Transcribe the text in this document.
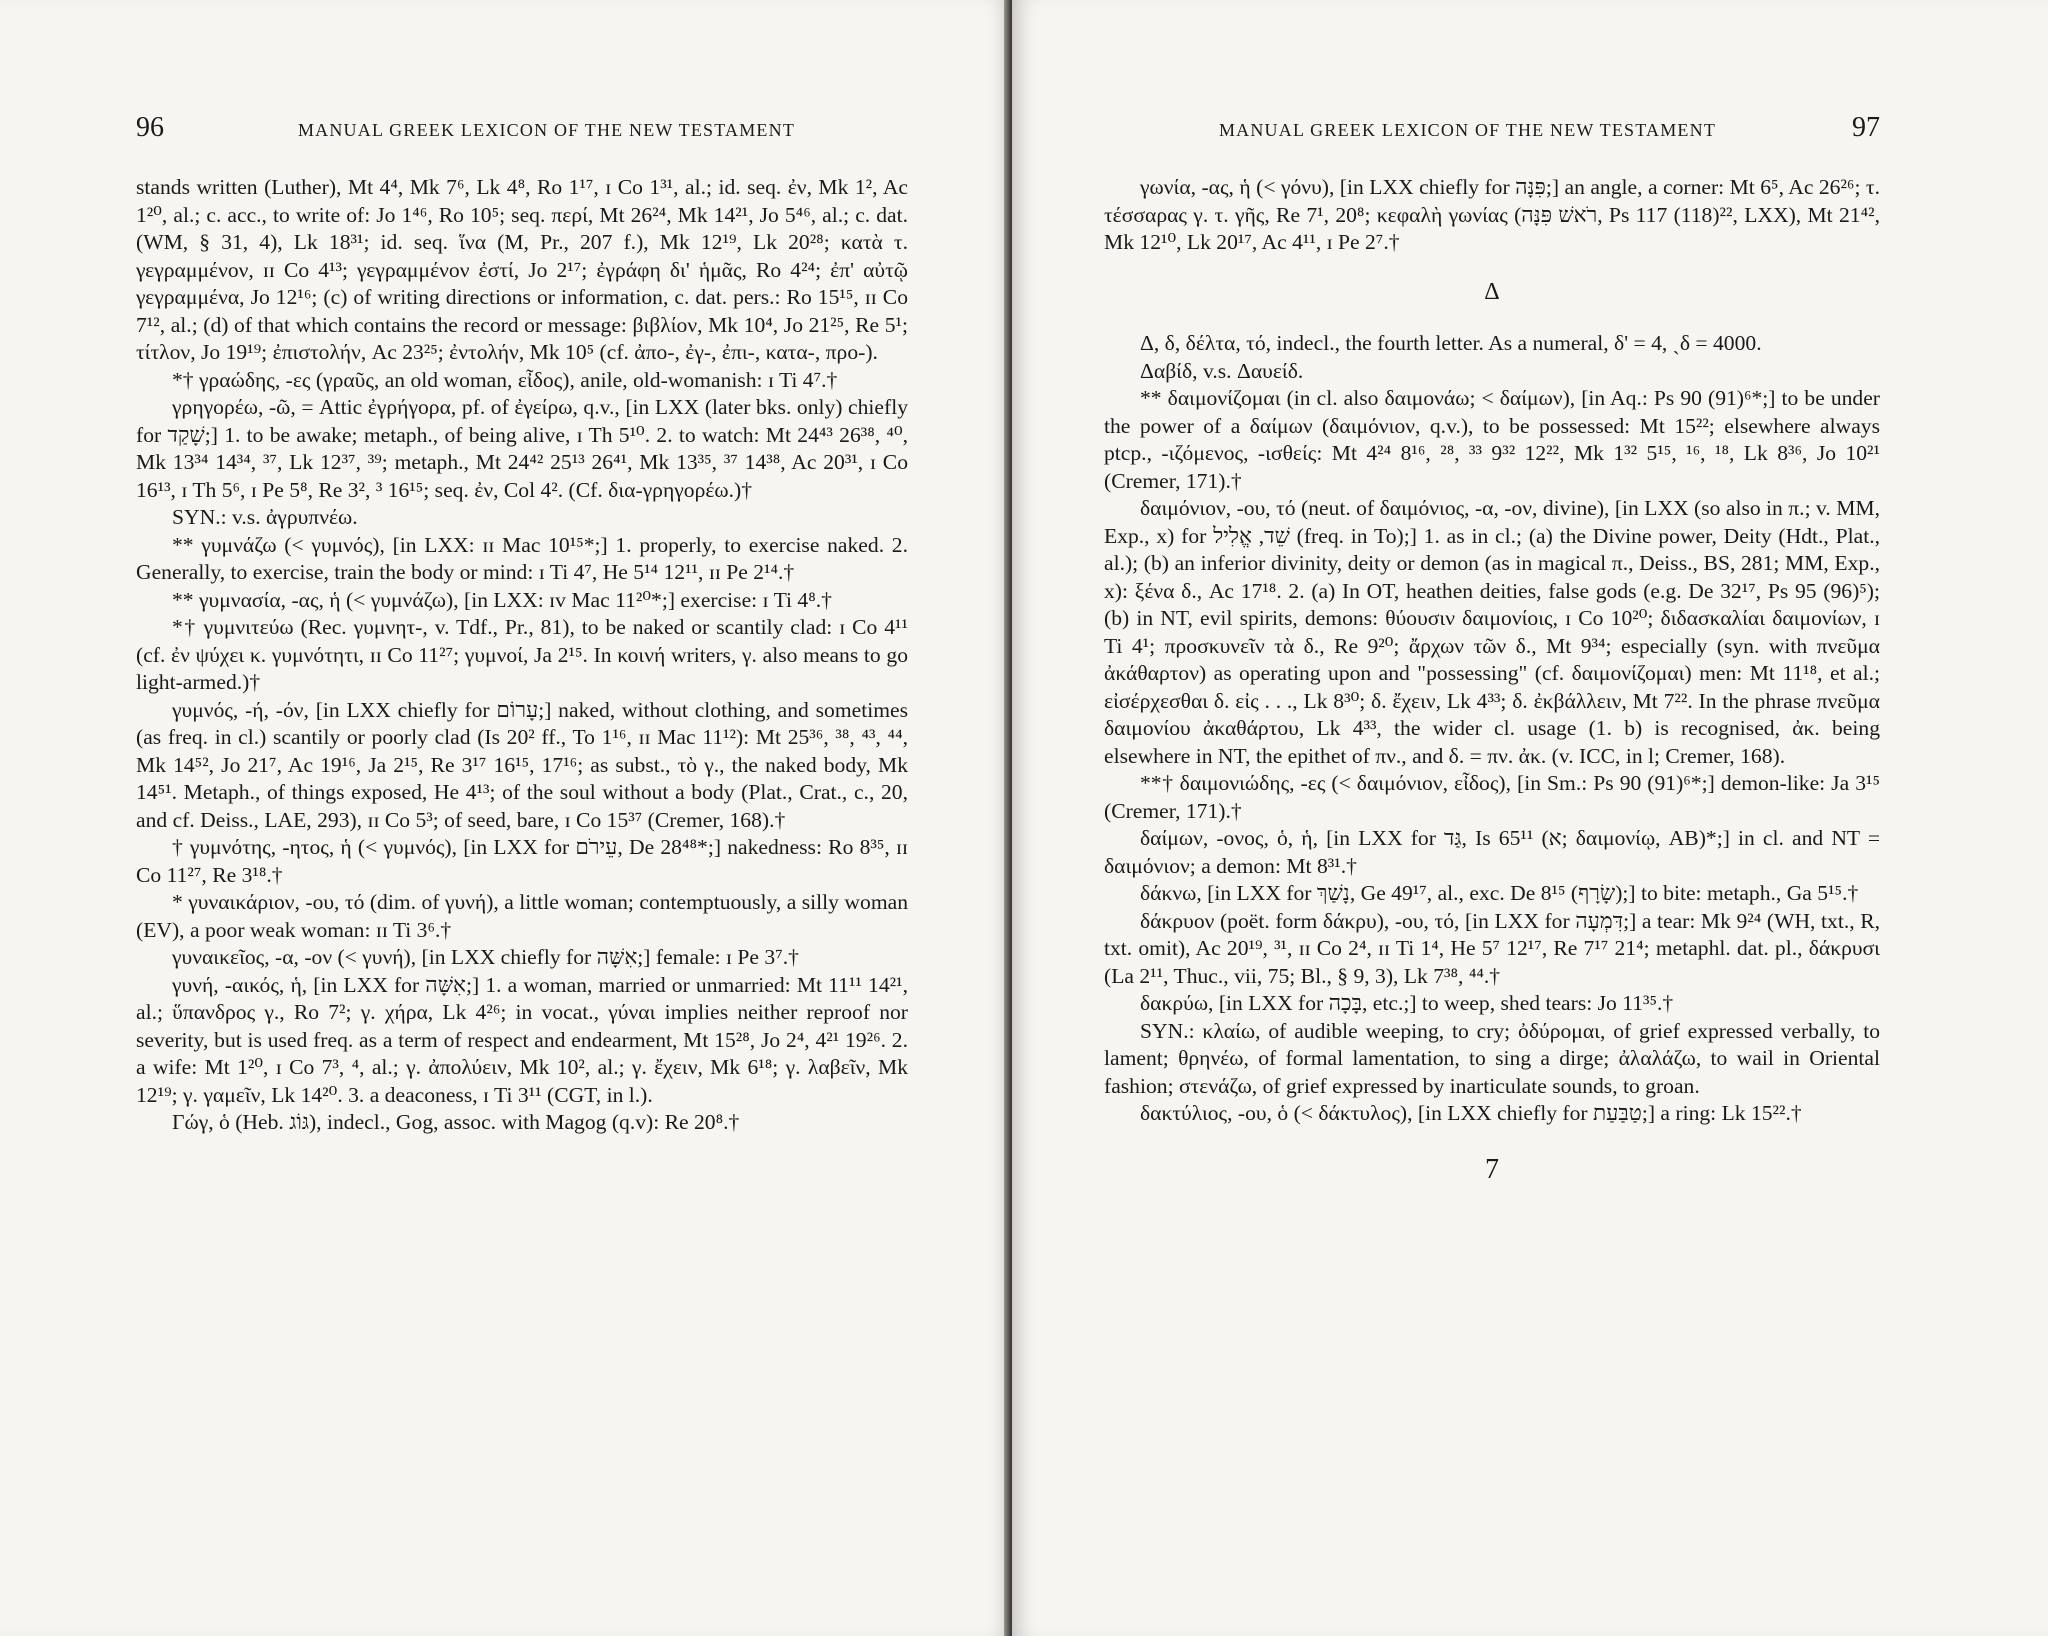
96	MANUAL GREEK LEXICON OF THE NEW TESTAMENT

stands written (Luther), Mt 4⁴, Mk 7⁶, Lk 4⁸, Ro 1¹⁷, ɪ Co 1³¹, al.; id. seq. ἐν, Mk 1², Ac 1²⁰, al.; c. acc., to write of: Jo 1⁴⁶, Ro 10⁵; seq. περί, Mt 26²⁴, Mk 14²¹, Jo 5⁴⁶, al.; c. dat. (WM, § 31, 4), Lk 18³¹; id. seq. ἵνα (M, Pr., 207 f.), Mk 12¹⁹, Lk 20²⁸; κατὰ τ. γεγραμμένον, ɪɪ Co 4¹³; γεγραμμένον ἐστί, Jo 2¹⁷; ἐγράφη δι' ἡμᾶς, Ro 4²⁴; ἐπ' αὐτῷ γεγραμμένα, Jo 12¹⁶; (c) of writing directions or information, c. dat. pers.: Ro 15¹⁵, ɪɪ Co 7¹², al.; (d) of that which contains the record or message: βιβλίον, Mk 10⁴, Jo 21²⁵, Re 5¹; τίτλον, Jo 19¹⁹; ἐπιστολήν, Ac 23²⁵; ἐντολήν, Mk 10⁵ (cf. ἀπο-, ἐγ-, ἐπι-, κατα-, προ-).

*† γραώδης, -ες (γραῦς, an old woman, εἶδος), anile, old-womanish: ɪ Ti 4⁷.†

γρηγορέω, -ῶ, = Attic ἐγρήγορα, pf. of ἐγείρω, q.v., [in LXX (later bks. only) chiefly for שָׁקַד;] 1. to be awake; metaph., of being alive, ɪ Th 5¹⁰. 2. to watch: Mt 24⁴³ 26³⁸, ⁴⁰, Mk 13³⁴ 14³⁴, ³⁷, Lk 12³⁷, ³⁹; metaph., Mt 24⁴² 25¹³ 26⁴¹, Mk 13³⁵, ³⁷ 14³⁸, Ac 20³¹, ɪ Co 16¹³, ɪ Th 5⁶, ɪ Pe 5⁸, Re 3², ³ 16¹⁵; seq. ἐν, Col 4². (Cf. δια-γρηγορέω.)†

SYN.: v.s. ἀγρυπνέω.

** γυμνάζω (< γυμνός), [in LXX: ɪɪ Mac 10¹⁵*;] 1. properly, to exercise naked. 2. Generally, to exercise, train the body or mind: ɪ Ti 4⁷, He 5¹⁴ 12¹¹, ɪɪ Pe 2¹⁴.†

** γυμνασία, -ας, ἡ (< γυμνάζω), [in LXX: ɪv Mac 11²⁰*;] exercise: ɪ Ti 4⁸.†

*† γυμνιτεύω (Rec. γυμνητ-, v. Tdf., Pr., 81), to be naked or scantily clad: ɪ Co 4¹¹ (cf. ἐν ψύχει κ. γυμνότητι, ɪɪ Co 11²⁷; γυμνοί, Ja 2¹⁵. In κοινή writers, γ. also means to go light-armed.)†

γυμνός, -ή, -όν, [in LXX chiefly for עָרוֹם;] naked, without clothing, and sometimes (as freq. in cl.) scantily or poorly clad (Is 20² ff., To 1¹⁶, ɪɪ Mac 11¹²): Mt 25³⁶, ³⁸, ⁴³, ⁴⁴, Mk 14⁵², Jo 21⁷, Ac 19¹⁶, Ja 2¹⁵, Re 3¹⁷ 16¹⁵, 17¹⁶; as subst., τὸ γ., the naked body, Mk 14⁵¹. Metaph., of things exposed, He 4¹³; of the soul without a body (Plat., Crat., c., 20, and cf. Deiss., LAE, 293), ɪɪ Co 5³; of seed, bare, ɪ Co 15³⁷ (Cremer, 168).†

† γυμνότης, -ητος, ἡ (< γυμνός), [in LXX for עֵירֹם, De 28⁴⁸*;] nakedness: Ro 8³⁵, ɪɪ Co 11²⁷, Re 3¹⁸.†

* γυναικάριον, -ου, τό (dim. of γυνή), a little woman; contemptuously, a silly woman (EV), a poor weak woman: ɪɪ Ti 3⁶.†

γυναικεῖος, -α, -ον (< γυνή), [in LXX chiefly for אִשָּׁה;] female: ɪ Pe 3⁷.†

γυνή, -αικός, ἡ, [in LXX for אִשָּׁה;] 1. a woman, married or unmarried: Mt 11¹¹ 14²¹, al.; ὕπανδρος γ., Ro 7²; γ. χήρα, Lk 4²⁶; in vocat., γύναι implies neither reproof nor severity, but is used freq. as a term of respect and endearment, Mt 15²⁸, Jo 2⁴, 4²¹ 19²⁶. 2. a wife: Mt 1²⁰, ɪ Co 7³, ⁴, al.; γ. ἀπολύειν, Mk 10², al.; γ. ἔχειν, Mk 6¹⁸; γ. λαβεῖν, Mk 12¹⁹; γ. γαμεῖν, Lk 14²⁰. 3. a deaconess, ɪ Ti 3¹¹ (CGT, in l.).

Γώγ, ὁ (Heb. גּוֹג), indecl., Gog, assoc. with Magog (q.v): Re 20⁸.†

MANUAL GREEK LEXICON OF THE NEW TESTAMENT	97

γωνία, -ας, ἡ (< γόνυ), [in LXX chiefly for פִּנָּה;] an angle, a corner: Mt 6⁵, Ac 26²⁶; τ. τέσσαρας γ. τ. γῆς, Re 7¹, 20⁸; κεφαλὴ γωνίας (רֹאשׁ פִּנָּה, Ps 117 (118)²², LXX), Mt 21⁴², Mk 12¹⁰, Lk 20¹⁷, Ac 4¹¹, ɪ Pe 2⁷.†

Δ

Δ, δ, δέλτα, τό, indecl., the fourth letter. As a numeral, δ' = 4, ˏδ = 4000.

Δαβίδ, v.s. Δαυείδ.

** δαιμονίζομαι (in cl. also δαιμονάω; < δαίμων), [in Aq.: Ps 90 (91)⁶*;] to be under the power of a δαίμων (δαιμόνιον, q.v.), to be possessed: Mt 15²²; elsewhere always ptcp., -ιζόμενος, -ισθείς: Mt 4²⁴ 8¹⁶, ²⁸, ³³ 9³² 12²², Mk 1³² 5¹⁵, ¹⁶, ¹⁸, Lk 8³⁶, Jo 10²¹ (Cremer, 171).†

δαιμόνιον, -ου, τό (neut. of δαιμόνιος, -α, -ον, divine), [in LXX (so also in π.; v. MM, Exp., x) for שֵׁד, אֱלִיל (freq. in To);] 1. as in cl.; (a) the Divine power, Deity (Hdt., Plat., al.); (b) an inferior divinity, deity or demon (as in magical π., Deiss., BS, 281; MM, Exp., x): ξένα δ., Ac 17¹⁸. 2. (a) In OT, heathen deities, false gods (e.g. De 32¹⁷, Ps 95 (96)⁵); (b) in NT, evil spirits, demons: θύουσιν δαιμονίοις, ɪ Co 10²⁰; διδασκαλίαι δαιμονίων, ɪ Ti 4¹; προσκυνεῖν τὰ δ., Re 9²⁰; ἄρχων τῶν δ., Mt 9³⁴; especially (syn. with πνεῦμα ἀκάθαρτον) as operating upon and "possessing" (cf. δαιμονίζομαι) men: Mt 11¹⁸, et al.; εἰσέρχεσθαι δ. εἰς . . ., Lk 8³⁰; δ. ἔχειν, Lk 4³³; δ. ἐκβάλλειν, Mt 7²². In the phrase πνεῦμα δαιμονίου ἀκαθάρτου, Lk 4³³, the wider cl. usage (1. b) is recognised, ἀκ. being elsewhere in NT, the epithet of πν., and δ. = πν. ἀκ. (v. ICC, in l; Cremer, 168).

**† δαιμονιώδης, -ες (< δαιμόνιον, εἶδος), [in Sm.: Ps 90 (91)⁶*;] demon-like: Ja 3¹⁵ (Cremer, 171).†

δαίμων, -ονος, ὁ, ἡ, [in LXX for גַּד, Is 65¹¹ (א; δαιμονίῳ, AB)*;] in cl. and NT = δαιμόνιον; a demon: Mt 8³¹.†

δάκνω, [in LXX for נָשַׁךְ, Ge 49¹⁷, al., exc. De 8¹⁵ (שָׂרָף);] to bite: metaph., Ga 5¹⁵.†

δάκρυον (poët. form δάκρυ), -ου, τό, [in LXX for דִּמְעָה;] a tear: Mk 9²⁴ (WH, txt., R, txt. omit), Ac 20¹⁹, ³¹, ɪɪ Co 2⁴, ɪɪ Ti 1⁴, He 5⁷ 12¹⁷, Re 7¹⁷ 21⁴; metaphl. dat. pl., δάκρυσι (La 2¹¹, Thuc., vii, 75; Bl., § 9, 3), Lk 7³⁸, ⁴⁴.†

δακρύω, [in LXX for בָּכָה, etc.;] to weep, shed tears: Jo 11³⁵.†

SYN.: κλαίω, of audible weeping, to cry; ὀδύρομαι, of grief expressed verbally, to lament; θρηνέω, of formal lamentation, to sing a dirge; ἀλαλάζω, to wail in Oriental fashion; στενάζω, of grief expressed by inarticulate sounds, to groan.

δακτύλιος, -ου, ὁ (< δάκτυλος), [in LXX chiefly for טַבַּעַת;] a ring: Lk 15²².†

7
